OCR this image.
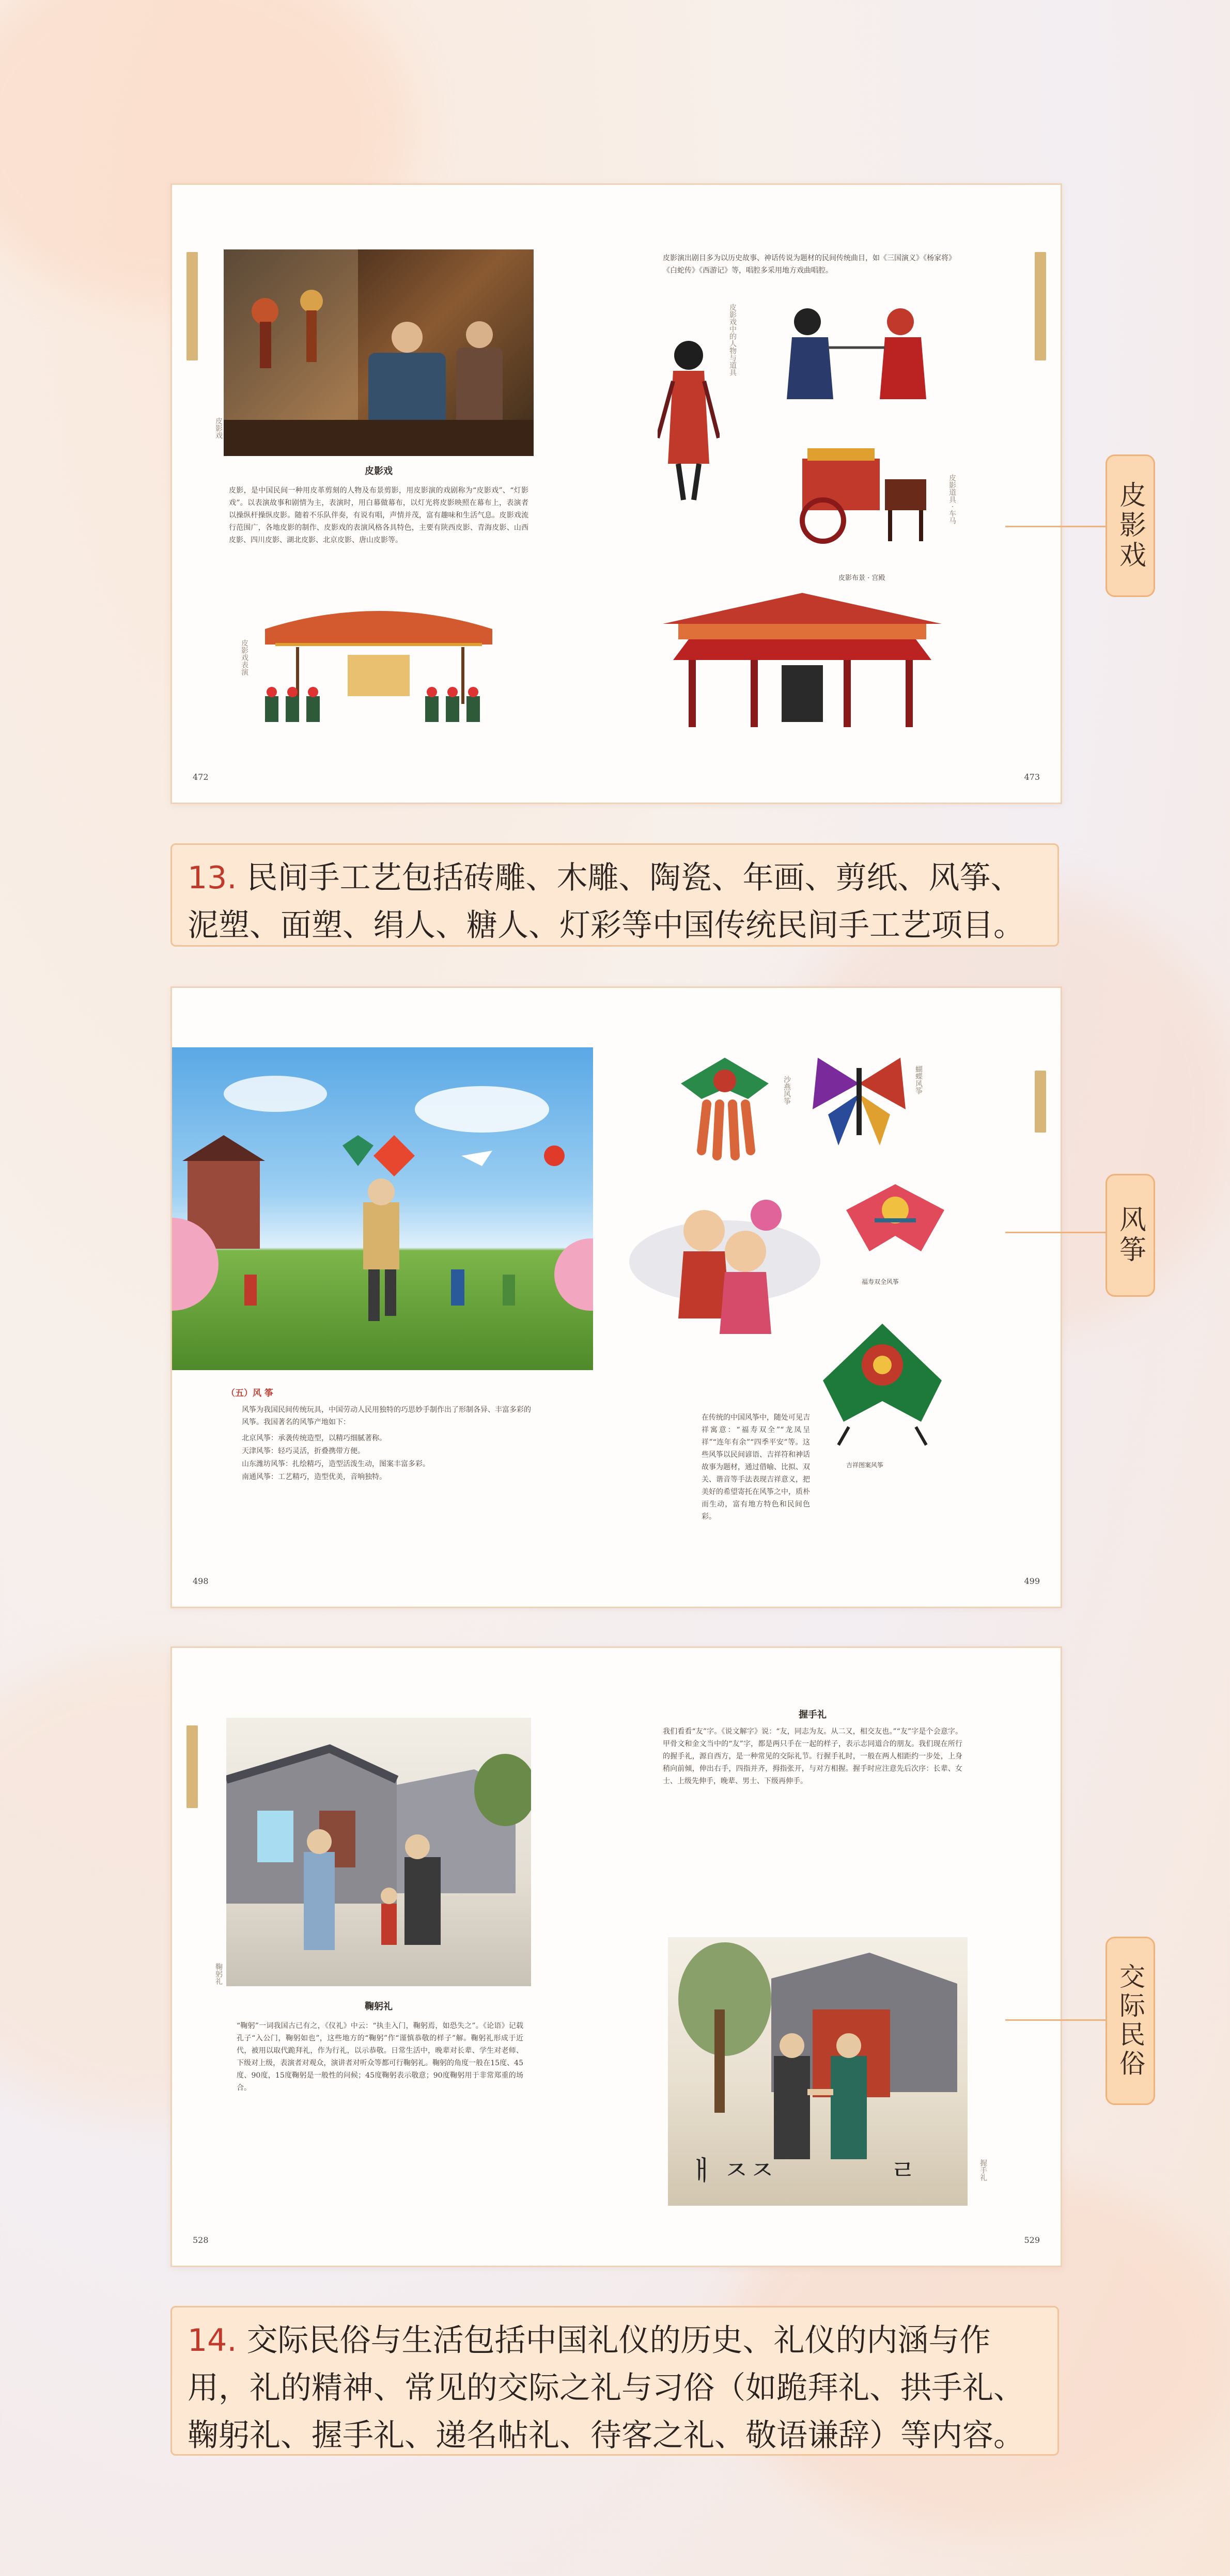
皮影戏
皮影戏
皮影，是中国民间一种用皮革剪刻的人物及布景剪影，用皮影演的戏剧称为“皮影戏”、“灯影戏”。以表演故事和剧情为主，表演时，用白幕做幕布，以灯光将皮影映照在幕布上，表演者以操纵杆操纵皮影。随着不乐队伴奏，有说有唱，声情并茂，富有趣味和生活气息。皮影戏流行范围广，各地皮影的制作、皮影戏的表演风格各具特色，主要有陕西皮影、青海皮影、山西皮影、四川皮影、湖北皮影、北京皮影、唐山皮影等。
皮影戏表演
472
皮影演出剧目多为以历史故事、神话传说为题材的民间传统曲目，如《三国演义》《杨家将》《白蛇传》《西游记》等，唱腔多采用地方戏曲唱腔。
皮影戏中的人物与道具
皮影道具 · 车马
皮影布景 · 宫殿
473
皮影戏
13. 民间手工艺包括砖雕、木雕、陶瓷、年画、剪纸、风筝、泥塑、面塑、绢人、糖人、灯彩等中国传统民间手工艺项目。
（五）风 筝
风筝为我国民间传统玩具，中国劳动人民用独特的巧思妙手制作出了形制各异、丰富多彩的风筝。我国著名的风筝产地如下：
北京风筝：承袭传统造型，以精巧细腻著称。
天津风筝：轻巧灵活，折叠携带方便。
山东潍坊风筝：扎绘精巧，造型活泼生动，图案丰富多彩。
南通风筝：工艺精巧，造型优美，音响独特。
498
沙燕风筝	蝴蝶风筝
福寿双全风筝
在传统的中国风筝中，随处可见吉祥寓意：“福寿双全”“龙凤呈祥”“连年有余”“四季平安”等。这些风筝以民间谚语、吉祥符和神话故事为题材，通过借喻、比拟、双关、谐音等手法表现吉祥意义，把美好的希望寄托在风筝之中，质朴而生动，富有地方特色和民间色彩。
吉祥图案风筝
499
风筝
鞠躬礼
鞠躬礼
“鞠躬”一词我国古已有之，《仪礼》中云：“执圭入门，鞠躬焉，如恐失之”。《论语》记载孔子“入公门，鞠躬如也”，这些地方的“鞠躬”作“谨慎恭敬的样子”解。鞠躬礼形成于近代，被用以取代跪拜礼，作为行礼，以示恭敬。日常生活中，晚辈对长辈、学生对老师、下级对上级，表演者对观众，演讲者对听众等都可行鞠躬礼。鞠躬的角度一般在15度、45度、90度，15度鞠躬是一般性的问候；45度鞠躬表示敬意；90度鞠躬用于非常郑重的场合。
528
握手礼
我们看看“友”字。《说文解字》说：“友，同志为友。从二又，相交友也。”“友”字是个会意字。甲骨文和金文当中的“友”字，都是两只手在一起的样子，表示志同道合的朋友。我们现在所行的握手礼，源自西方，是一种常见的交际礼节。行握手礼时，一般在两人相距约一步处，上身稍向前倾，伸出右手，四指并齐，拇指张开，与对方相握。握手时应注意先后次序：长辈、女士、上级先伸手，晚辈、男士、下级再伸手。
ㅐ ㅈㅈ	ㄹ	握手礼
529
交际民俗
14. 交际民俗与生活包括中国礼仪的历史、礼仪的内涵与作用，礼的精神、常见的交际之礼与习俗（如跪拜礼、拱手礼、鞠躬礼、握手礼、递名帖礼、待客之礼、敬语谦辞）等内容。
